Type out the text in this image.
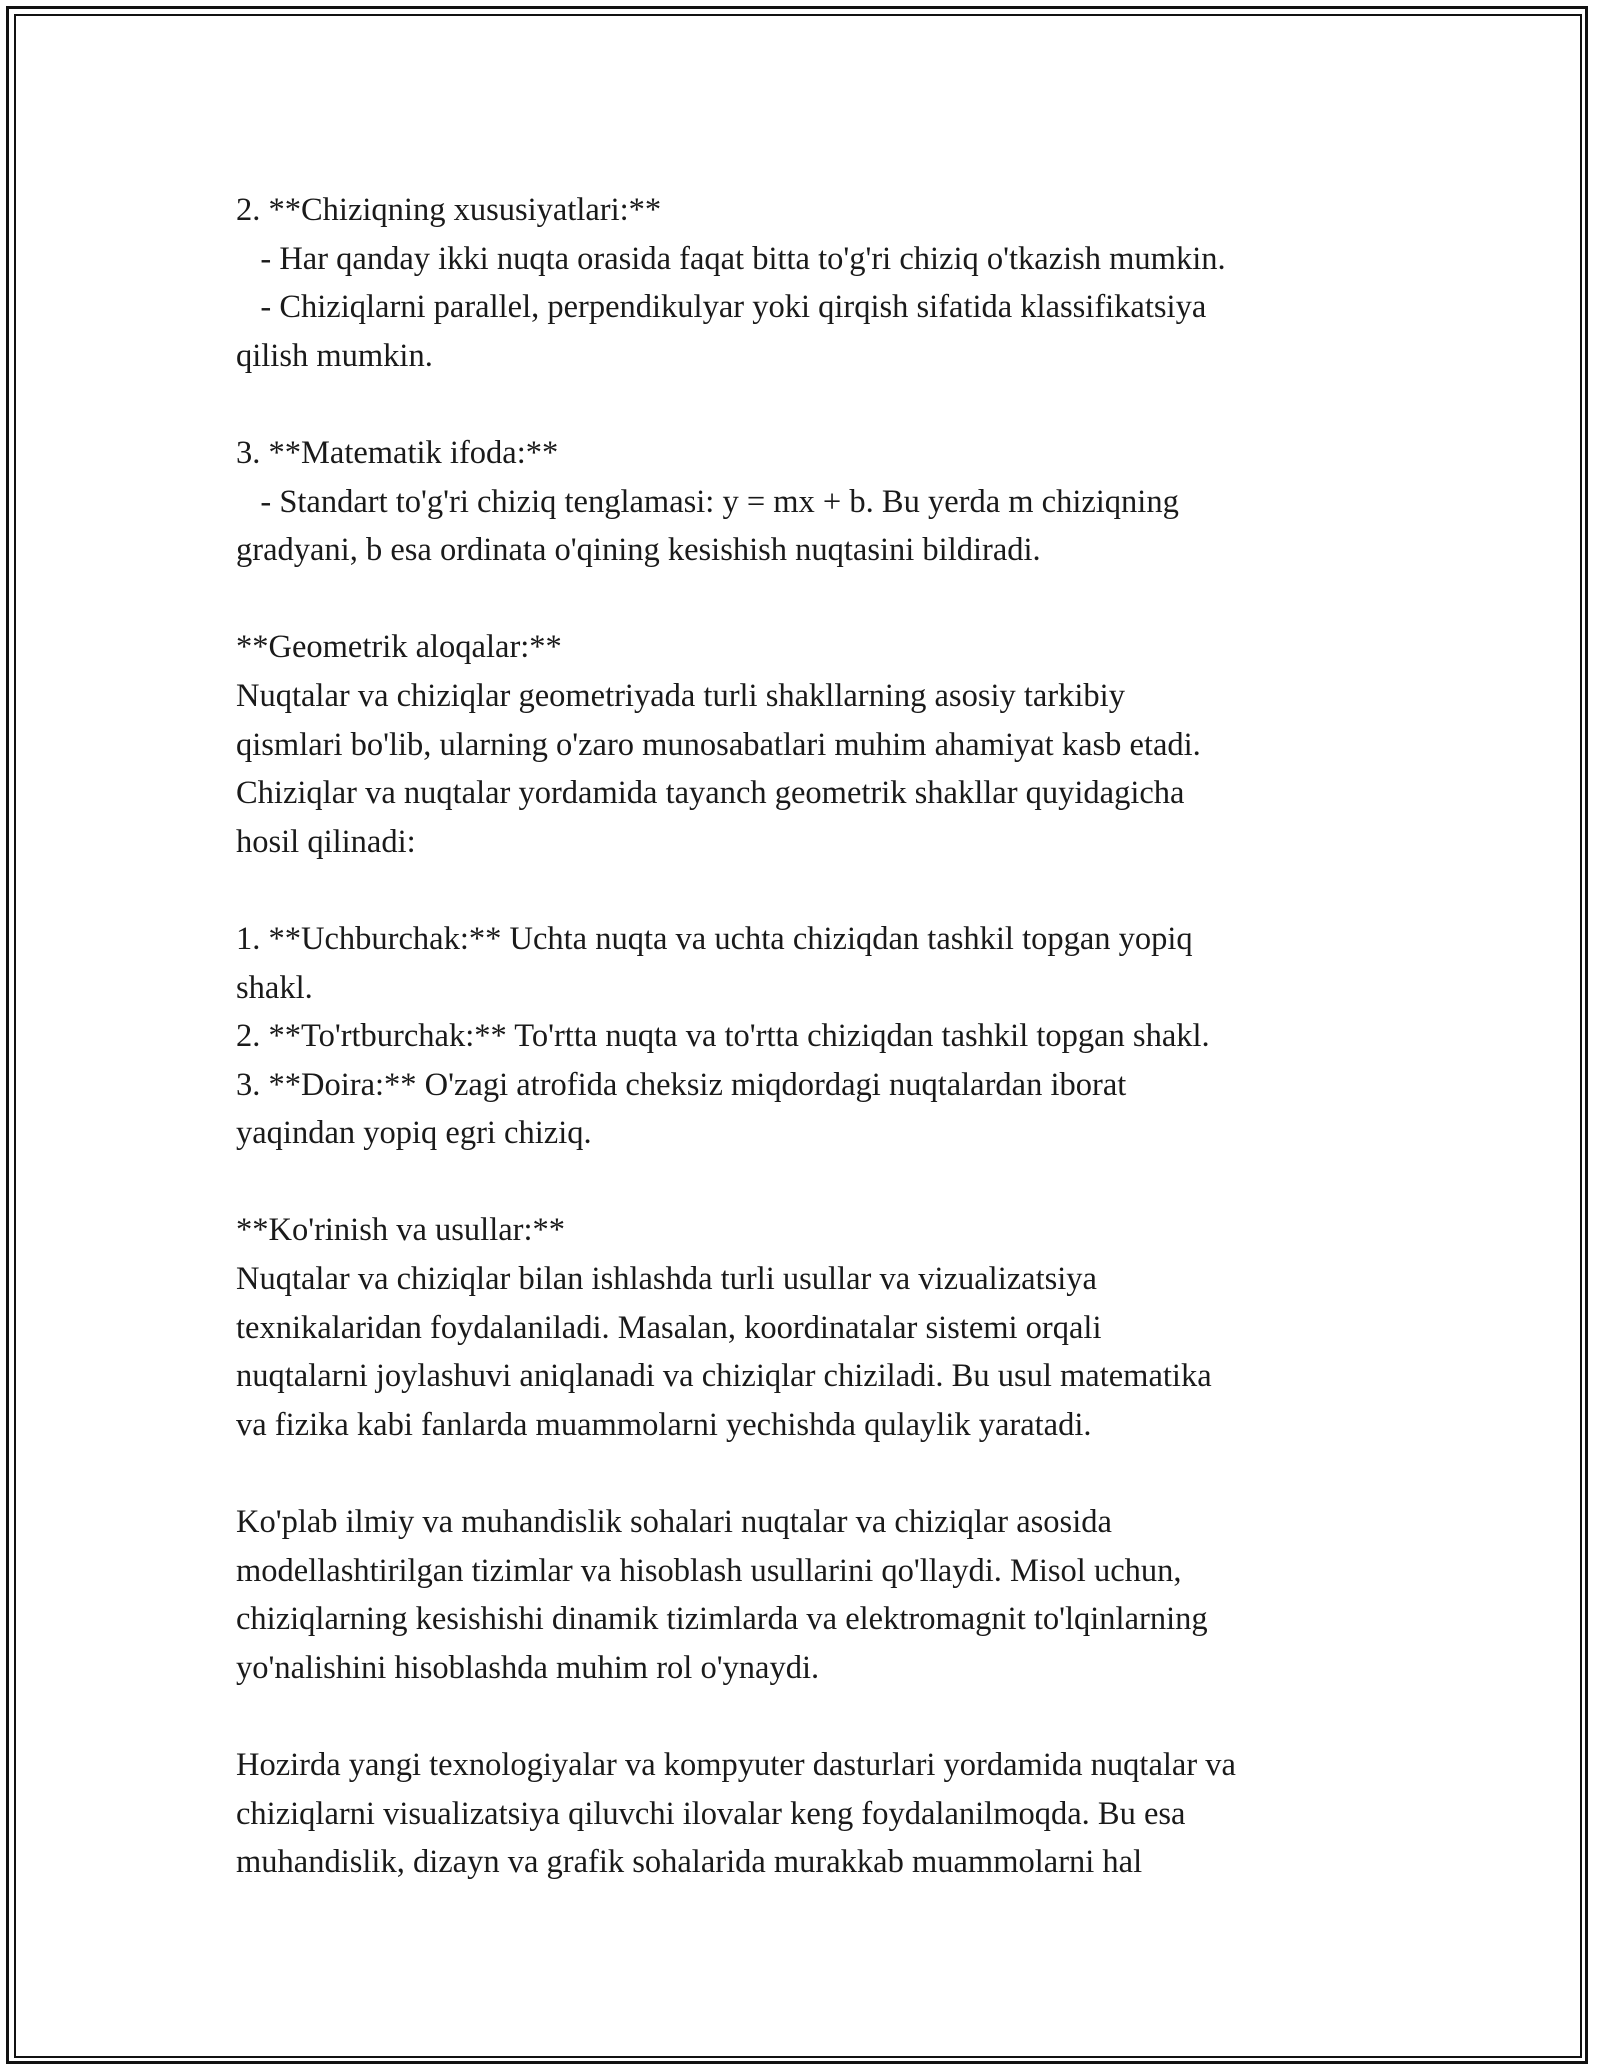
2. **Chiziqning xususiyatlari:**
- Har qanday ikki nuqta orasida faqat bitta to'g'ri chiziq o'tkazish mumkin.
- Chiziqlarni parallel, perpendikulyar yoki qirqish sifatida klassifikatsiya
qilish mumkin.
3. **Matematik ifoda:**
- Standart to'g'ri chiziq tenglamasi: y = mx + b. Bu yerda m chiziqning
gradyani, b esa ordinata o'qining kesishish nuqtasini bildiradi.
**Geometrik aloqalar:**
Nuqtalar va chiziqlar geometriyada turli shakllarning asosiy tarkibiy
qismlari bo'lib, ularning o'zaro munosabatlari muhim ahamiyat kasb etadi.
Chiziqlar va nuqtalar yordamida tayanch geometrik shakllar quyidagicha
hosil qilinadi:
1. **Uchburchak:** Uchta nuqta va uchta chiziqdan tashkil topgan yopiq
shakl.
2. **To'rtburchak:** To'rtta nuqta va to'rtta chiziqdan tashkil topgan shakl.
3. **Doira:** O'zagi atrofida cheksiz miqdordagi nuqtalardan iborat
yaqindan yopiq egri chiziq.
**Ko'rinish va usullar:**
Nuqtalar va chiziqlar bilan ishlashda turli usullar va vizualizatsiya
texnikalaridan foydalaniladi. Masalan, koordinatalar sistemi orqali
nuqtalarni joylashuvi aniqlanadi va chiziqlar chiziladi. Bu usul matematika
va fizika kabi fanlarda muammolarni yechishda qulaylik yaratadi.
Ko'plab ilmiy va muhandislik sohalari nuqtalar va chiziqlar asosida
modellashtirilgan tizimlar va hisoblash usullarini qo'llaydi. Misol uchun,
chiziqlarning kesishishi dinamik tizimlarda va elektromagnit to'lqinlarning
yo'nalishini hisoblashda muhim rol o'ynaydi.
Hozirda yangi texnologiyalar va kompyuter dasturlari yordamida nuqtalar va
chiziqlarni visualizatsiya qiluvchi ilovalar keng foydalanilmoqda. Bu esa
muhandislik, dizayn va grafik sohalarida murakkab muammolarni hal
